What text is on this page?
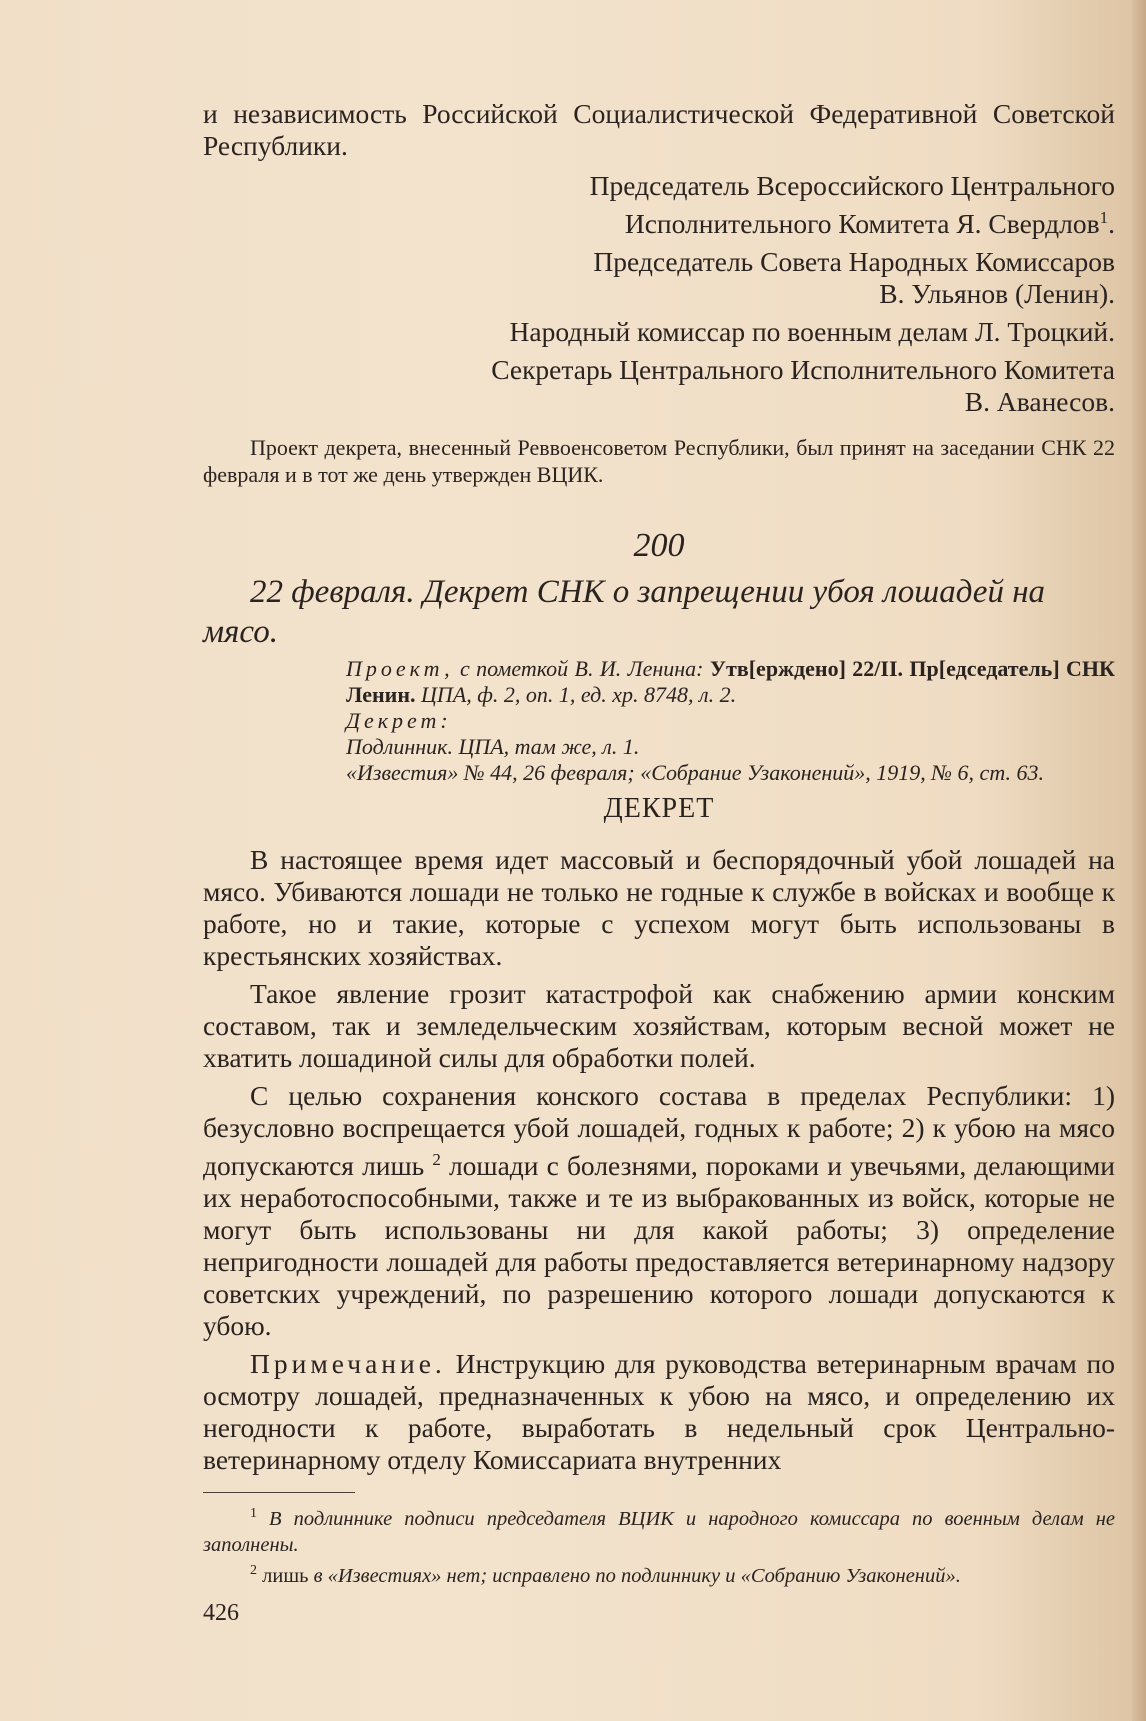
и независимость Российской Социалистической Федеративной Советской Республики.

Председатель Всероссийского Центрального
Исполнительного Комитета Я. Свердлов$^1$.
Председатель Совета Народных Комиссаров
В. Ульянов (Ленин).
Народный комиссар по военным делам Л. Троцкий.
Секретарь Центрального Исполнительного Комитета
В. Аванесов.

Проект декрета, внесенный Реввоенсоветом Республики, был принят на заседании СНК 22 февраля и в тот же день утвержден ВЦИК.

200

22 февраля. Декрет СНК о запрещении убоя лошадей на мясо.

Проект, с пометкой В. И. Ленина: Утв[ерждено] 22/II. Пр[едседатель] СНК Ленин. ЦПА, ф. 2, оп. 1, ед. хр. 8748, л. 2.

Декрет:

Подлинник. ЦПА, там же, л. 1.

«Известия» № 44, 26 февраля; «Собрание Узаконений», 1919, № 6, ст. 63.

ДЕКРЕТ

В настоящее время идет массовый и беспорядочный убой лошадей на мясо. Убиваются лошади не только не годные к службе в войсках и вообще к работе, но и такие, которые с успехом могут быть использованы в крестьянских хозяйствах.

Такое явление грозит катастрофой как снабжению армии конским составом, так и земледельческим хозяйствам, которым весной может не хватить лошадиной силы для обработки полей.

С целью сохранения конского состава в пределах Республики: 1) безусловно воспрещается убой лошадей, годных к работе; 2) к убою на мясо допускаются лишь $^2$ лошади с болезнями, пороками и увечьями, делающими их неработоспособными, также и те из выбракованных из войск, которые не могут быть использованы ни для какой работы; 3) определение непригодности лошадей для работы предоставляется ветеринарному надзору советских учреждений, по разрешению которого лошади допускаются к убою.

Примечание. Инструкцию для руководства ветеринарным врачам по осмотру лошадей, предназначенных к убою на мясо, и определению их негодности к работе, выработать в недельный срок Центрально-ветеринарному отделу Комиссариата внутренних

$^1$ В подлиннике подписи председателя ВЦИК и народного комиссара по военным делам не заполнены.

$^2$ лишь в «Известиях» нет; исправлено по подлиннику и «Собранию Узаконений».

426
